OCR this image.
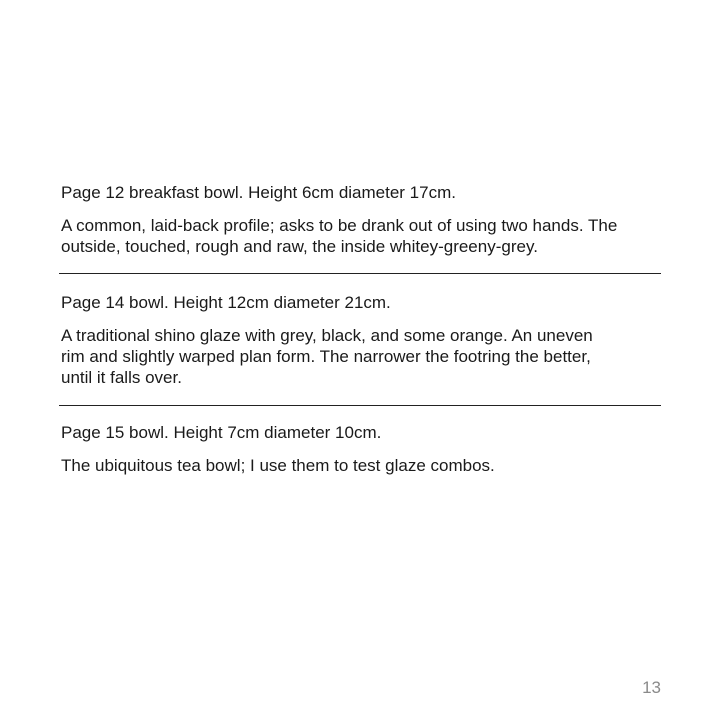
Page 12 breakfast bowl. Height 6cm diameter 17cm.

A common, laid-back profile; asks to be drank out of using two hands. The outside, touched, rough and raw, the inside whitey-greeny-grey.

Page 14 bowl. Height 12cm diameter 21cm.

A traditional shino glaze with grey, black, and some orange. An uneven rim and slightly warped plan form. The narrower the footring the better, until it falls over.

Page 15 bowl. Height 7cm diameter 10cm.

The ubiquitous tea bowl; I use them to test glaze combos.

13
